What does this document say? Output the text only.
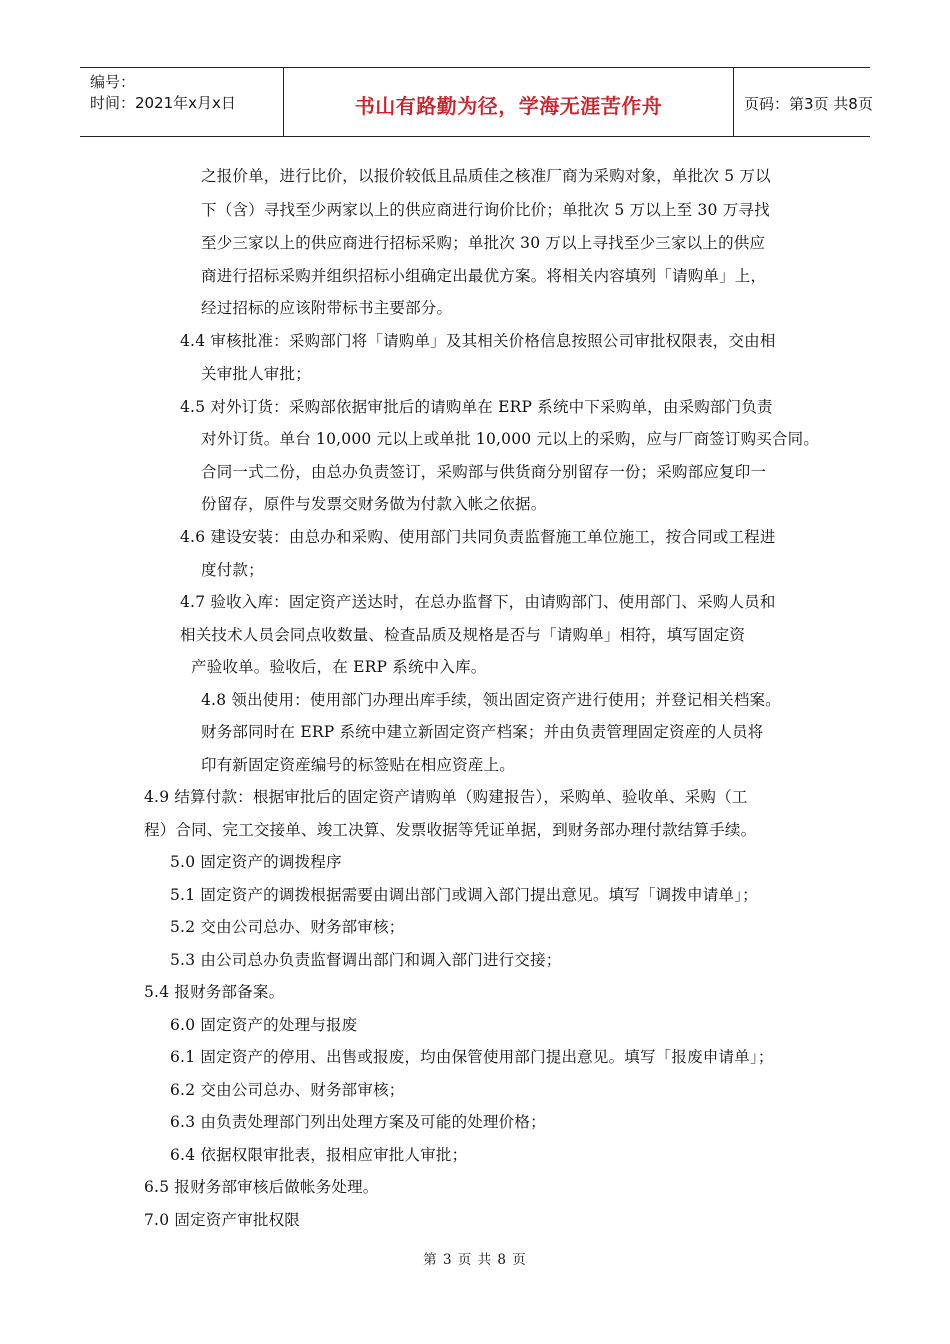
编号：
时间：2021年x月x日	书山有路勤为径，学海无涯苦作舟	页码：第3页 共8页
之报价单，进行比价，以报价较低且品质佳之核准厂商为采购对象，单批次 5 万以
下（含）寻找至少两家以上的供应商进行询价比价；单批次 5 万以上至 30 万寻找
至少三家以上的供应商进行招标采购；单批次 30 万以上寻找至少三家以上的供应
商进行招标采购并组织招标小组确定出最优方案。将相关内容填列「请购单」上，
经过招标的应该附带标书主要部分。
4.4 审核批准：采购部门将「请购单」及其相关价格信息按照公司审批权限表，交由相
关审批人审批；
4.5 对外订货：采购部依据审批后的请购单在 ERP 系统中下采购单，由采购部门负责
对外订货。单台 10,000 元以上或单批 10,000 元以上的采购，应与厂商签订购买合同。
合同一式二份，由总办负责签订，采购部与供货商分别留存一份；采购部应复印一
份留存，原件与发票交财务做为付款入帐之依据。
4.6 建设安装：由总办和采购、使用部门共同负责监督施工单位施工，按合同或工程进
度付款；
4.7 验收入库：固定资产送达时，在总办监督下，由请购部门、使用部门、采购人员和
相关技术人员会同点收数量、检查品质及规格是否与「请购单」相符，填写固定资
产验收单。验收后，在 ERP 系统中入库。
4.8 领出使用：使用部门办理出库手续，领出固定资产进行使用；并登记相关档案。
财务部同时在 ERP 系统中建立新固定资产档案；并由负责管理固定资産的人员将
印有新固定资産编号的标签贴在相应资産上。
4.9 结算付款：根据审批后的固定资产请购单（购建报告），采购单、验收单、采购（工
程）合同、完工交接单、竣工决算、发票收据等凭证单据，到财务部办理付款结算手续。
5.0 固定资产的调拨程序
5.1 固定资产的调拨根据需要由调出部门或调入部门提出意见。填写「调拨申请单」；
5.2 交由公司总办、财务部审核；
5.3 由公司总办负责监督调出部门和调入部门进行交接；
5.4 报财务部备案。
6.0 固定资产的处理与报废
6.1 固定资产的停用、出售或报废，均由保管使用部门提出意见。填写「报废申请单」；
6.2 交由公司总办、财务部审核；
6.3 由负责处理部门列出处理方案及可能的处理价格；
6.4 依据权限审批表，报相应审批人审批；
6.5 报财务部审核后做帐务处理。
7.0 固定资产审批权限
第 3 页 共 8 页
